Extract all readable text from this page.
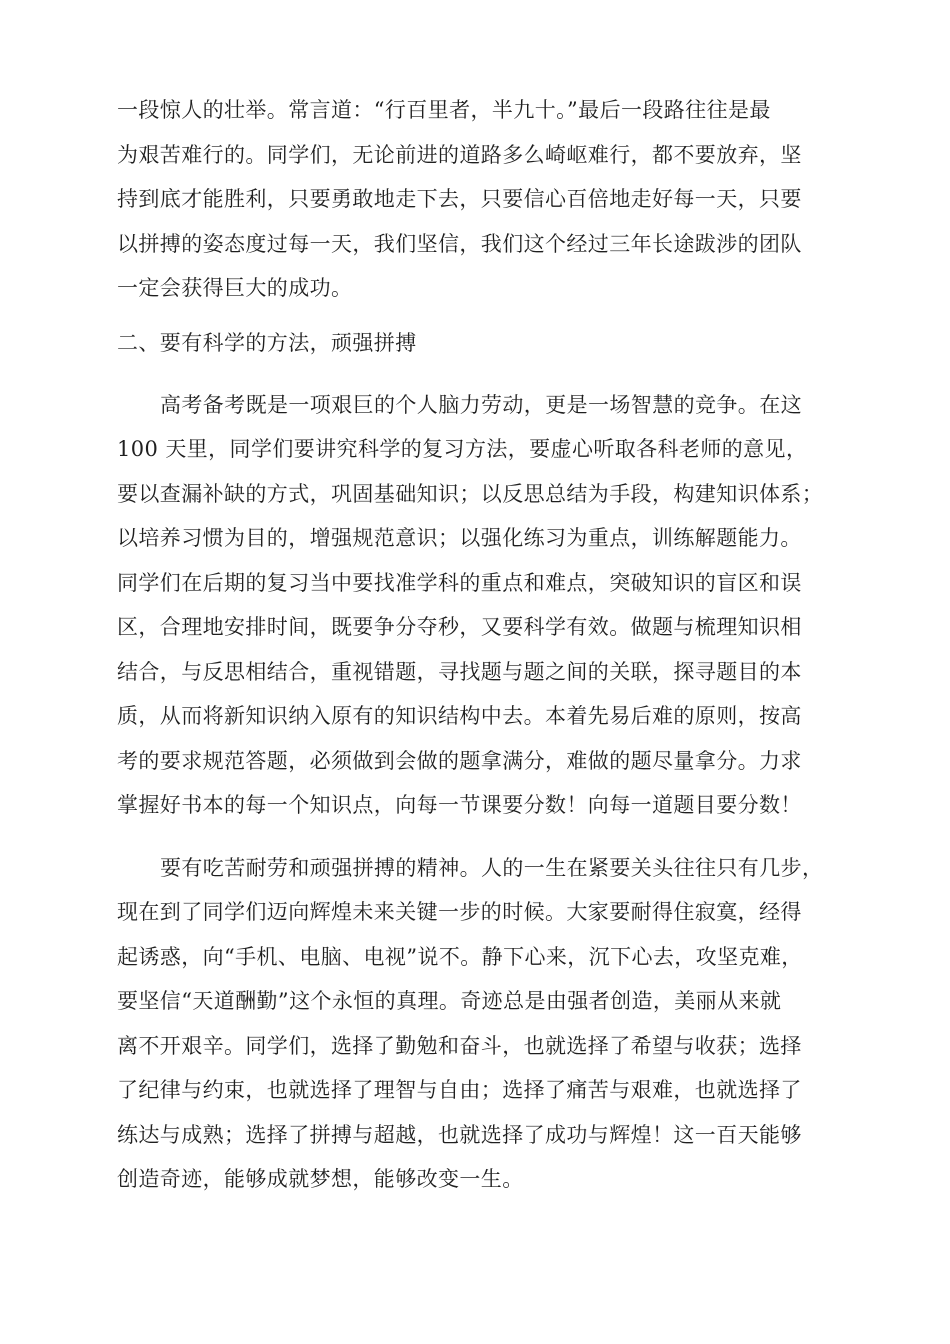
一段惊人的壮举。常言道：“行百里者，半九十。”最后一段路往往是最

为艰苦难行的。同学们，无论前进的道路多么崎岖难行，都不要放弃，坚

持到底才能胜利，只要勇敢地走下去，只要信心百倍地走好每一天，只要

以拼搏的姿态度过每一天，我们坚信，我们这个经过三年长途跋涉的团队

一定会获得巨大的成功。

二、要有科学的方法，顽强拼搏

高考备考既是一项艰巨的个人脑力劳动，更是一场智慧的竞争。在这

100 天里，同学们要讲究科学的复习方法，要虚心听取各科老师的意见，

要以查漏补缺的方式，巩固基础知识；以反思总结为手段，构建知识体系；

以培养习惯为目的，增强规范意识；以强化练习为重点，训练解题能力。

同学们在后期的复习当中要找准学科的重点和难点，突破知识的盲区和误

区，合理地安排时间，既要争分夺秒，又要科学有效。做题与梳理知识相

结合，与反思相结合，重视错题，寻找题与题之间的关联，探寻题目的本

质，从而将新知识纳入原有的知识结构中去。本着先易后难的原则，按高

考的要求规范答题，必须做到会做的题拿满分，难做的题尽量拿分。力求

掌握好书本的每一个知识点，向每一节课要分数！向每一道题目要分数！

要有吃苦耐劳和顽强拼搏的精神。人的一生在紧要关头往往只有几步，

现在到了同学们迈向辉煌未来关键一步的时候。大家要耐得住寂寞，经得

起诱惑，向“手机、电脑、电视”说不。静下心来，沉下心去，攻坚克难，

要坚信“天道酬勤”这个永恒的真理。奇迹总是由强者创造，美丽从来就

离不开艰辛。同学们，选择了勤勉和奋斗，也就选择了希望与收获；选择

了纪律与约束，也就选择了理智与自由；选择了痛苦与艰难，也就选择了

练达与成熟；选择了拼搏与超越，也就选择了成功与辉煌！这一百天能够

创造奇迹，能够成就梦想，能够改变一生。
